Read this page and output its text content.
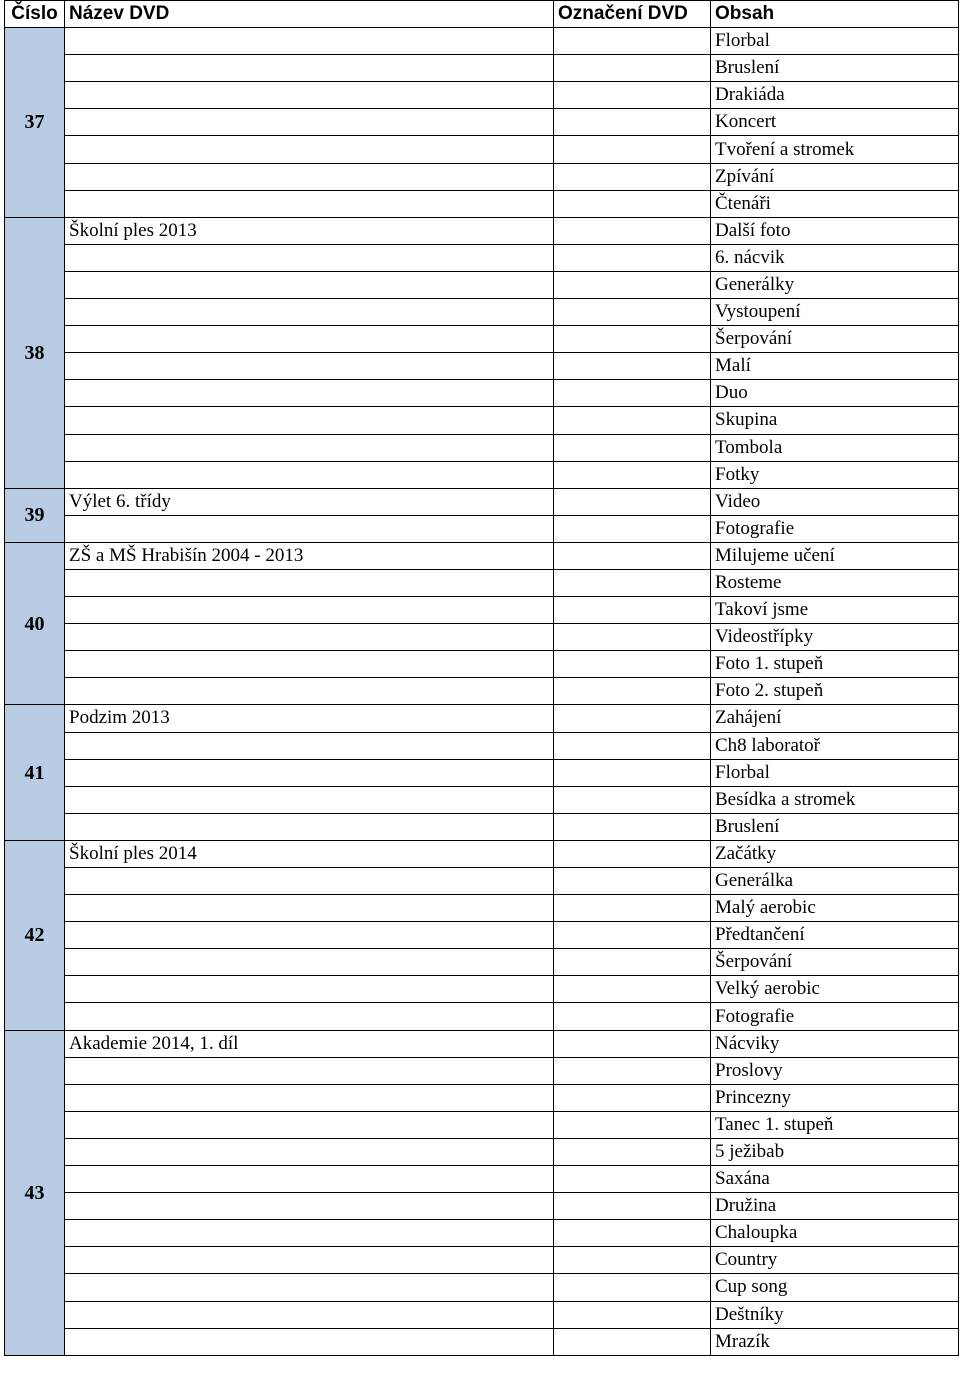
Číslo	Název DVD	Označení DVD	Obsah
37			Florbal
			Bruslení
			Drakiáda
			Koncert
			Tvoření a stromek
			Zpívání
			Čtenáři
38	Školní ples 2013		Další foto
			6. nácvik
			Generálky
			Vystoupení
			Šerpování
			Malí
			Duo
			Skupina
			Tombola
			Fotky
39	Výlet 6. třídy		Video
			Fotografie
40	ZŠ a MŠ Hrabišín 2004 - 2013		Milujeme učení
			Rosteme
			Takoví jsme
			Videostřípky
			Foto 1. stupeň
			Foto 2. stupeň
41	Podzim 2013		Zahájení
			Ch8 laboratoř
			Florbal
			Besídka a stromek
			Bruslení
42	Školní ples 2014		Začátky
			Generálka
			Malý aerobic
			Předtančení
			Šerpování
			Velký aerobic
			Fotografie
43	Akademie 2014, 1. díl		Nácviky
			Proslovy
			Princezny
			Tanec 1. stupeň
			5 ježibab
			Saxána
			Družina
			Chaloupka
			Country
			Cup song
			Deštníky
			Mrazík
